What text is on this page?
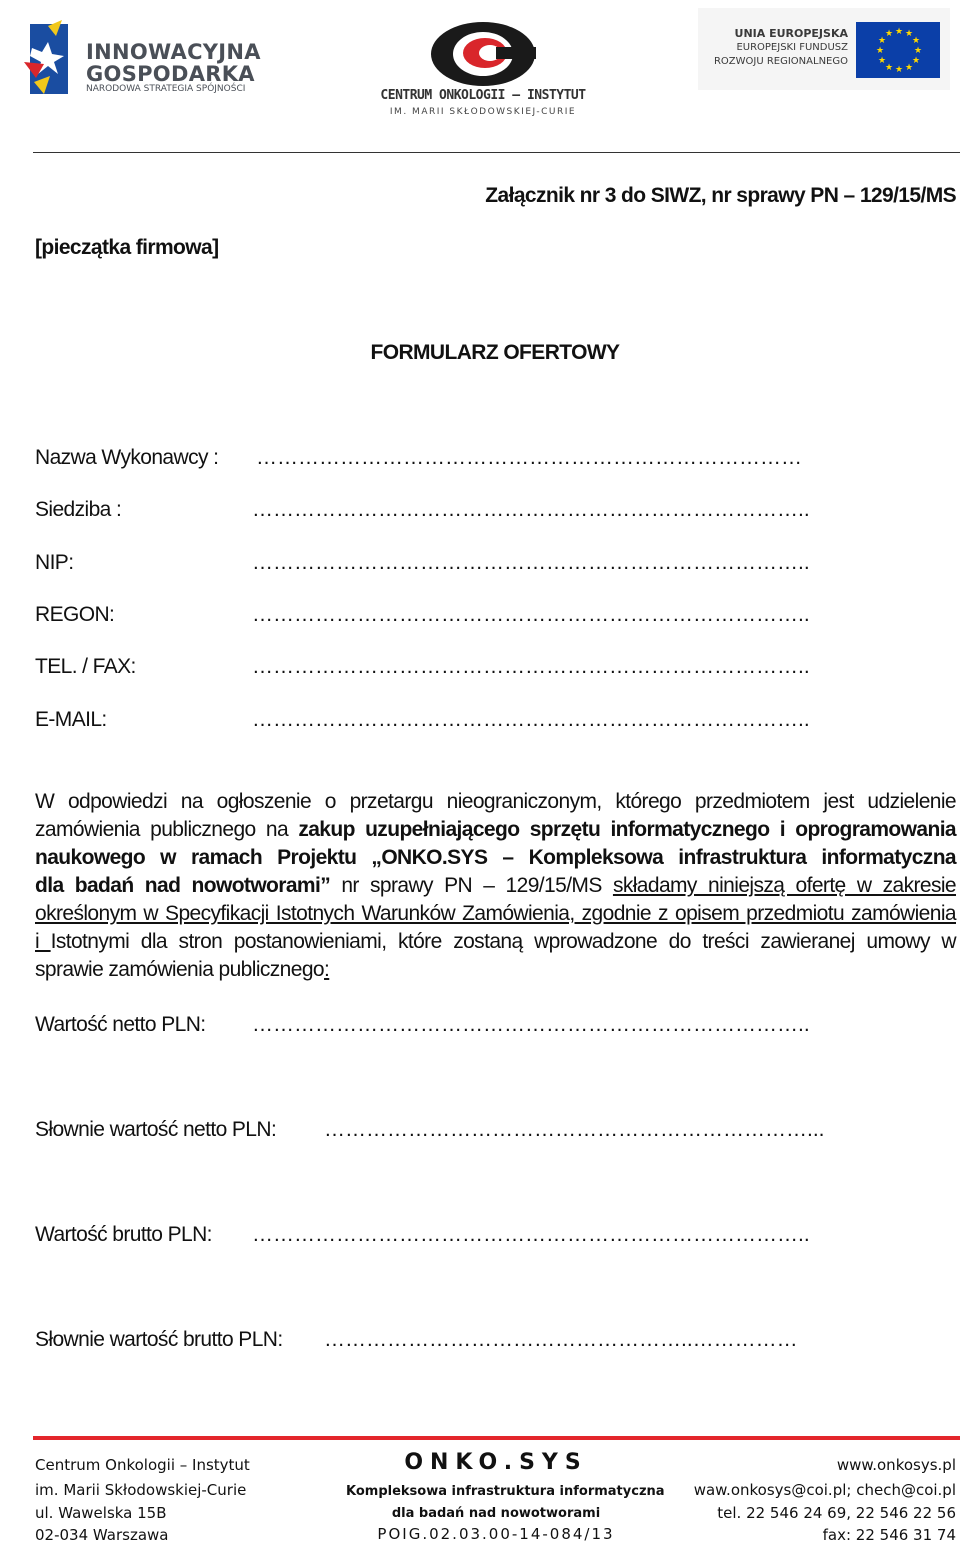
INNOWACYJNA
GOSPODARKA
NARODOWA STRATEGIA SPÓJNOŚCI	CENTRUM ONKOLOGII – INSTYTUT
IM. MARII SKŁODOWSKIEJ-CURIE
UNIA EUROPEJSKA
EUROPEJSKI FUNDUSZ
ROZWOJU REGIONALNEGO
★ ★
★
★
★
★
★
★
★
★
★
★
Załącznik nr 3 do SIWZ, nr sprawy PN – 129/15/MS
[pieczątka firmowa]
FORMULARZ OFERTOWY
Nazwa Wykonawcy : ……………………………………………………………………
Siedziba :	……………………………………………………………………..
NIP:	……………………………………………………………………..
REGON:	……………………………………………………………………..
TEL. / FAX:	……………………………………………………………………..
E-MAIL:	……………………………………………………………………..
W odpowiedzi na ogłoszenie o przetargu nieograniczonym, którego przedmiotem jest udzielenie
zamówienia publicznego na zakup uzupełniającego sprzętu informatycznego i oprogramowania
naukowego w ramach Projektu „ONKO.SYS – Kompleksowa infrastruktura informatyczna
dla badań nad nowotworami” nr sprawy PN – 129/15/MS składamy niniejszą ofertę w zakresie
określonym w Specyfikacji Istotnych Warunków Zamówienia, zgodnie z opisem przedmiotu zamówienia
i Istotnymi dla stron postanowieniami, które zostaną wprowadzone do treści zawieranej umowy w
sprawie zamówienia publicznego:
Wartość netto PLN: ……………………………………………………………………..
Słownie wartość netto PLN: ……………………………………………………………...
Wartość brutto PLN: ……………………………………………………………………..
Słownie wartość brutto PLN: ……………………………………………..……………
Centrum Onkologii – Instytut
im. Marii Skłodowskiej-Curie
ul. Wawelska 15B
02-034 Warszawa
ONKO.SYS
Kompleksowa infrastruktura informatyczna
dla badań nad nowotworami
POIG.02.03.00-14-084/13
www.onkosys.pl
waw.onkosys@coi.pl; chech@coi.pl
tel. 22 546 24 69, 22 546 22 56
fax: 22 546 31 74
